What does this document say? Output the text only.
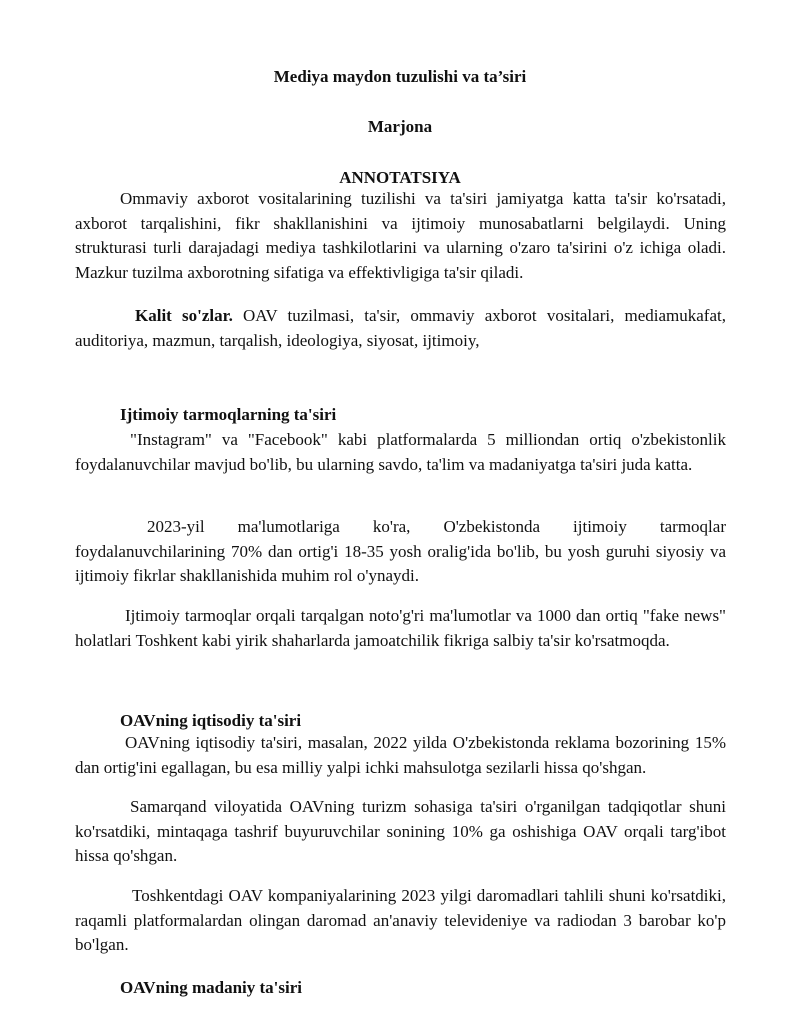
Mediya maydon tuzulishi va ta’siri

Marjona

ANNOTATSIYA

Ommaviy axborot vositalarining tuzilishi va ta'siri jamiyatga katta ta'sir ko'rsatadi, axborot tarqalishini, fikr shakllanishini va ijtimoiy munosabatlarni belgilaydi. Uning strukturasi turli darajadagi mediya tashkilotlarini va ularning o'zaro ta'sirini o'z ichiga oladi. Mazkur tuzilma axborotning sifatiga va effektivligiga ta'sir qiladi.

Kalit so'zlar. OAV tuzilmasi, ta'sir, ommaviy axborot vositalari, mediamukafat, auditoriya, mazmun, tarqalish, ideologiya, siyosat, ijtimoiy,

Ijtimoiy tarmoqlarning ta'siri

"Instagram" va "Facebook" kabi platformalarda 5 milliondan ortiq o'zbekistonlik foydalanuvchilar mavjud bo'lib, bu ularning savdo, ta'lim va madaniyatga ta'siri juda katta.

2023-yil ma'lumotlariga ko'ra, O'zbekistonda ijtimoiy tarmoqlar foydalanuvchilarining 70% dan ortig'i 18-35 yosh oralig'ida bo'lib, bu yosh guruhi siyosiy va ijtimoiy fikrlar shakllanishida muhim rol o'ynaydi.

Ijtimoiy tarmoqlar orqali tarqalgan noto'g'ri ma'lumotlar va 1000 dan ortiq "fake news" holatlari Toshkent kabi yirik shaharlarda jamoatchilik fikriga salbiy ta'sir ko'rsatmoqda.

OAVning iqtisodiy ta'siri

OAVning iqtisodiy ta'siri, masalan, 2022 yilda O'zbekistonda reklama bozorining 15% dan ortig'ini egallagan, bu esa milliy yalpi ichki mahsulotga sezilarli hissa qo'shgan.

Samarqand viloyatida OAVning turizm sohasiga ta'siri o'rganilgan tadqiqotlar shuni ko'rsatdiki, mintaqaga tashrif buyuruvchilar sonining 10% ga oshishiga OAV orqali targ'ibot hissa qo'shgan.

Toshkentdagi OAV kompaniyalarining 2023 yilgi daromadlari tahlili shuni ko'rsatdiki, raqamli platformalardan olingan daromad an'anaviy televideniye va radiodan 3 barobar ko'p bo'lgan.

OAVning madaniy ta'siri
